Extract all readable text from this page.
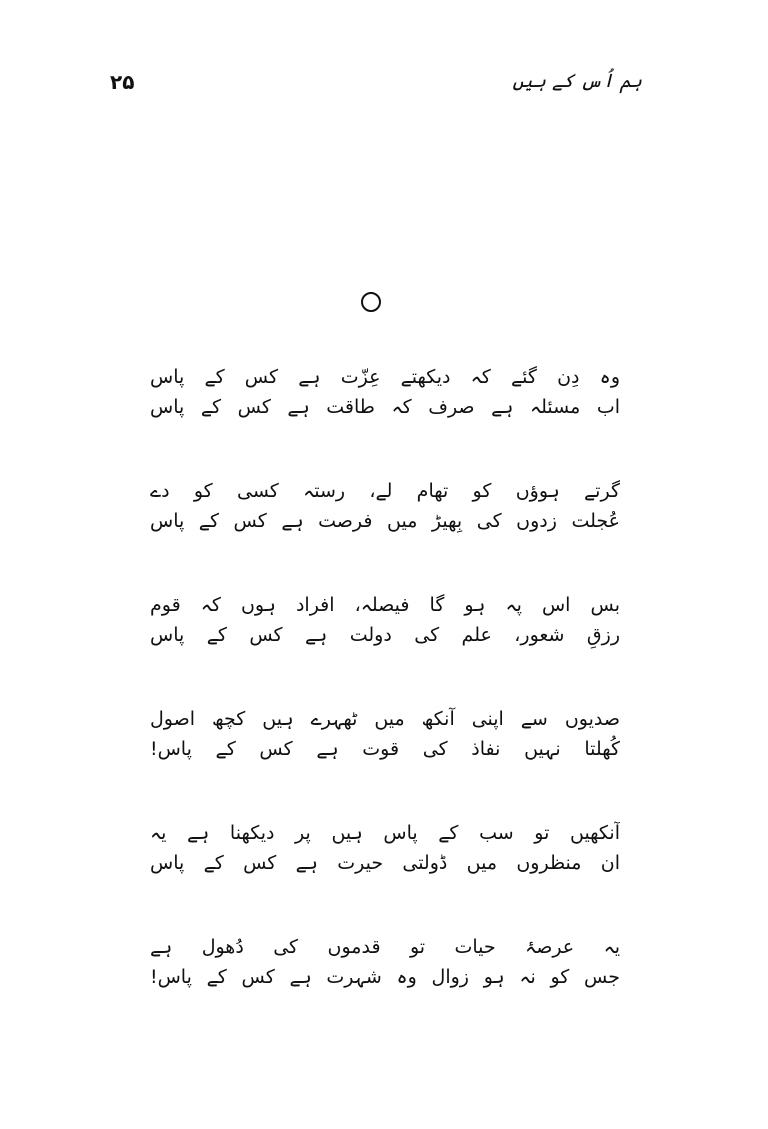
۲۵	ہم اُس کے ہیں
وہ دِن گئے کہ دیکھتے عِزّت ہے کس کے پاس
اب مسئلہ ہے صرف کہ طاقت ہے کس کے پاس
گرتے ہوؤں کو تھام لے، رستہ کسی کو دے
عُجلت زدوں کی بِھیڑ میں فرصت ہے کس کے پاس
بس اس پہ ہو گا فیصلہ، افراد ہوں کہ قوم
رزقِ شعور، علم کی دولت ہے کس کے پاس
صدیوں سے اپنی آنکھ میں ٹھہرے ہیں کچھ اصول
کُھلتا نہیں نفاذ کی قوت ہے کس کے پاس!
آنکھیں تو سب کے پاس ہیں پر دیکھنا ہے یہ
ان منظروں میں ڈولتی حیرت ہے کس کے پاس
یہ عرصۂ حیات تو قدموں کی دُھول ہے
جس کو نہ ہو زوال وہ شہرت ہے کس کے پاس!
